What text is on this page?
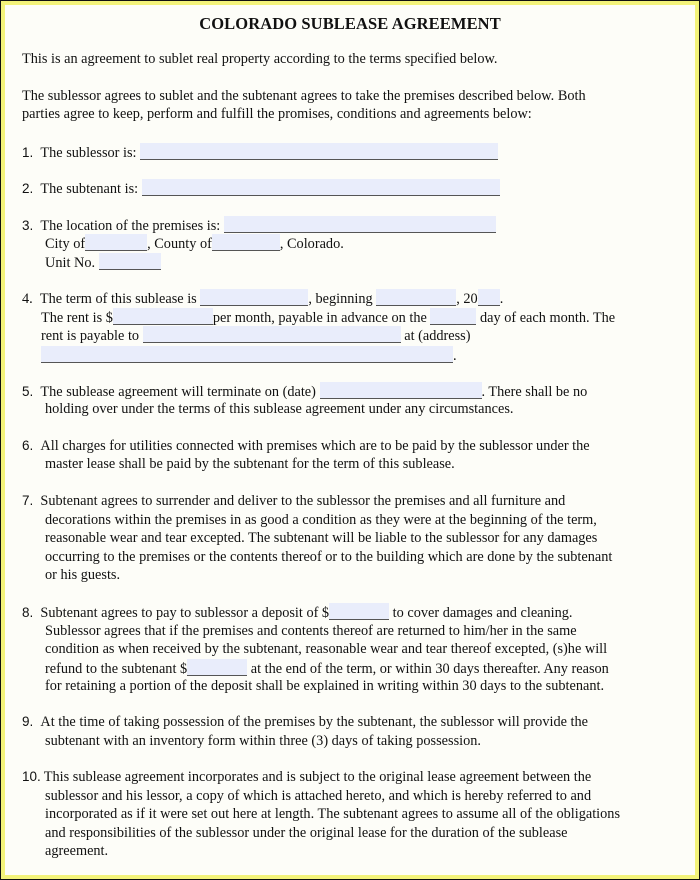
COLORADO SUBLEASE AGREEMENT
This is an agreement to sublet real property according to the terms specified below.
The sublessor agrees to sublet and the subtenant agrees to take the premises described below. Both
parties agree to keep, perform and fulfill the promises, conditions and agreements below:
1. The sublessor is:
2. The subtenant is:
3. The location of the premises is:
City of	, County of	, Colorado.
Unit No.
4. The term of this sublease is	, beginning	, 20 .
The rent is $	per month, payable in advance on the	day of each month. The
rent is payable to	at (address)
.
5. The sublease agreement will terminate on (date)	. There shall be no
holding over under the terms of this sublease agreement under any circumstances.
6. All charges for utilities connected with premises which are to be paid by the sublessor under the
master lease shall be paid by the subtenant for the term of this sublease.
7. Subtenant agrees to surrender and deliver to the sublessor the premises and all furniture and
decorations within the premises in as good a condition as they were at the beginning of the term,
reasonable wear and tear excepted. The subtenant will be liable to the sublessor for any damages
occurring to the premises or the contents thereof or to the building which are done by the subtenant
or his guests.
8. Subtenant agrees to pay to sublessor a deposit of $	to cover damages and cleaning.
Sublessor agrees that if the premises and contents thereof are returned to him/her in the same
condition as when received by the subtenant, reasonable wear and tear thereof excepted, (s)he will
refund to the subtenant $	at the end of the term, or within 30 days thereafter. Any reason
for retaining a portion of the deposit shall be explained in writing within 30 days to the subtenant.
9. At the time of taking possession of the premises by the subtenant, the sublessor will provide the
subtenant with an inventory form within three (3) days of taking possession.
10. This sublease agreement incorporates and is subject to the original lease agreement between the
sublessor and his lessor, a copy of which is attached hereto, and which is hereby referred to and
incorporated as if it were set out here at length. The subtenant agrees to assume all of the obligations
and responsibilities of the sublessor under the original lease for the duration of the sublease
agreement.
